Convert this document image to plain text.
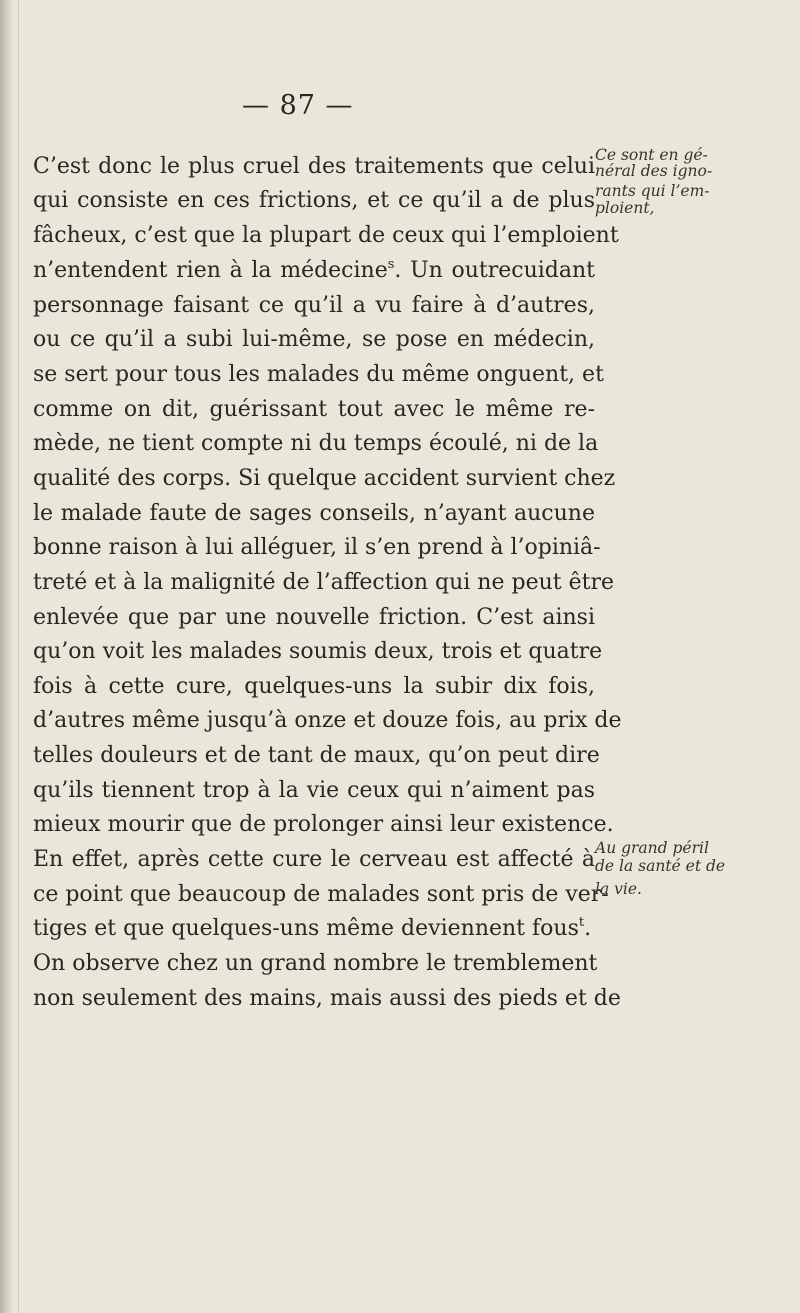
— 87 —
C’est donc le plus cruel des traitements que celui
qui consiste en ces frictions, et ce qu’il a de plus
fâcheux, c’est que la plupart de ceux qui l’emploient
n’entendent rien à la médecine$^s$. Un outrecuidant
personnage faisant ce qu’il a vu faire à d’autres,
ou ce qu’il a subi lui-même, se pose en médecin,
se sert pour tous les malades du même onguent, et
comme on dit, guérissant tout avec le même re-
mède, ne tient compte ni du temps écoulé, ni de la
qualité des corps. Si quelque accident survient chez
le malade faute de sages conseils, n’ayant aucune
bonne raison à lui alléguer, il s’en prend à l’opiniâ-
treté et à la malignité de l’affection qui ne peut être
enlevée que par une nouvelle friction. C’est ainsi
qu’on voit les malades soumis deux, trois et quatre
fois à cette cure, quelques-uns la subir dix fois,
d’autres même jusqu’à onze et douze fois, au prix de
telles douleurs et de tant de maux, qu’on peut dire
qu’ils tiennent trop à la vie ceux qui n’aiment pas
mieux mourir que de prolonger ainsi leur existence.
En effet, après cette cure le cerveau est affecté à
ce point que beaucoup de malades sont pris de ver-
tiges et que quelques-uns même deviennent fous$^t$.
On observe chez un grand nombre le tremblement
non seulement des mains, mais aussi des pieds et de
Ce sont en gé-
néral des igno-
rants qui l’em-
ploient,
Au grand péril
de la santé et de
la vie.
